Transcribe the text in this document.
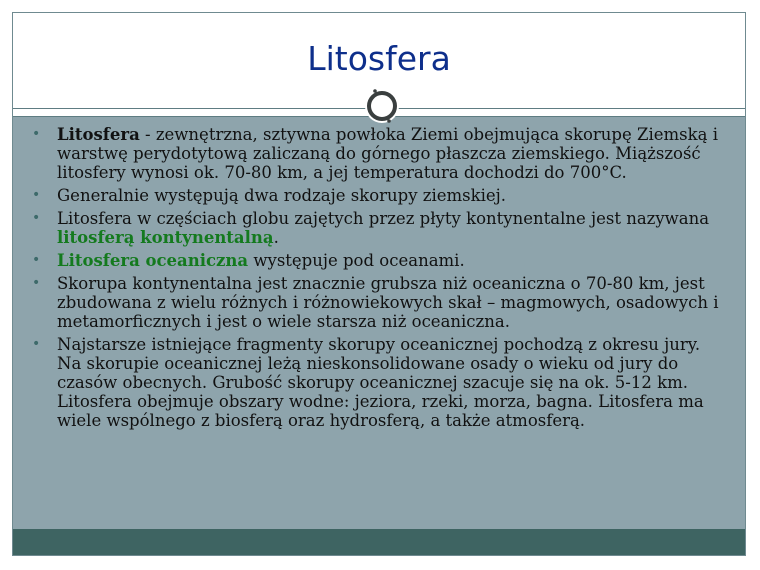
Litosfera
• Litosfera - zewnętrzna, sztywna powłoka Ziemi obejmująca skorupę Ziemską i warstwę perydotytową zaliczaną do górnego płaszcza ziemskiego. Miąższość litosfery wynosi ok. 70-80 km, a jej temperatura dochodzi do 700°C.
• Generalnie występują dwa rodzaje skorupy ziemskiej.
• Litosfera w częściach globu zajętych przez płyty kontynentalne jest nazywana litosferą kontynentalną.
• Litosfera oceaniczna występuje pod oceanami.
• Skorupa kontynentalna jest znacznie grubsza niż oceaniczna o 70-80 km, jest zbudowana z wielu różnych i różnowiekowych skał – magmowych, osadowych i metamorficznych i jest o wiele starsza niż oceaniczna.
• Najstarsze istniejące fragmenty skorupy oceanicznej pochodzą z okresu jury. Na skorupie oceanicznej leżą nieskonsolidowane osady o wieku od jury do czasów obecnych. Grubość skorupy oceanicznej szacuje się na ok. 5-12 km. Litosfera obejmuje obszary wodne: jeziora, rzeki, morza, bagna. Litosfera ma wiele wspólnego z biosferą oraz hydrosferą, a także atmosferą.
